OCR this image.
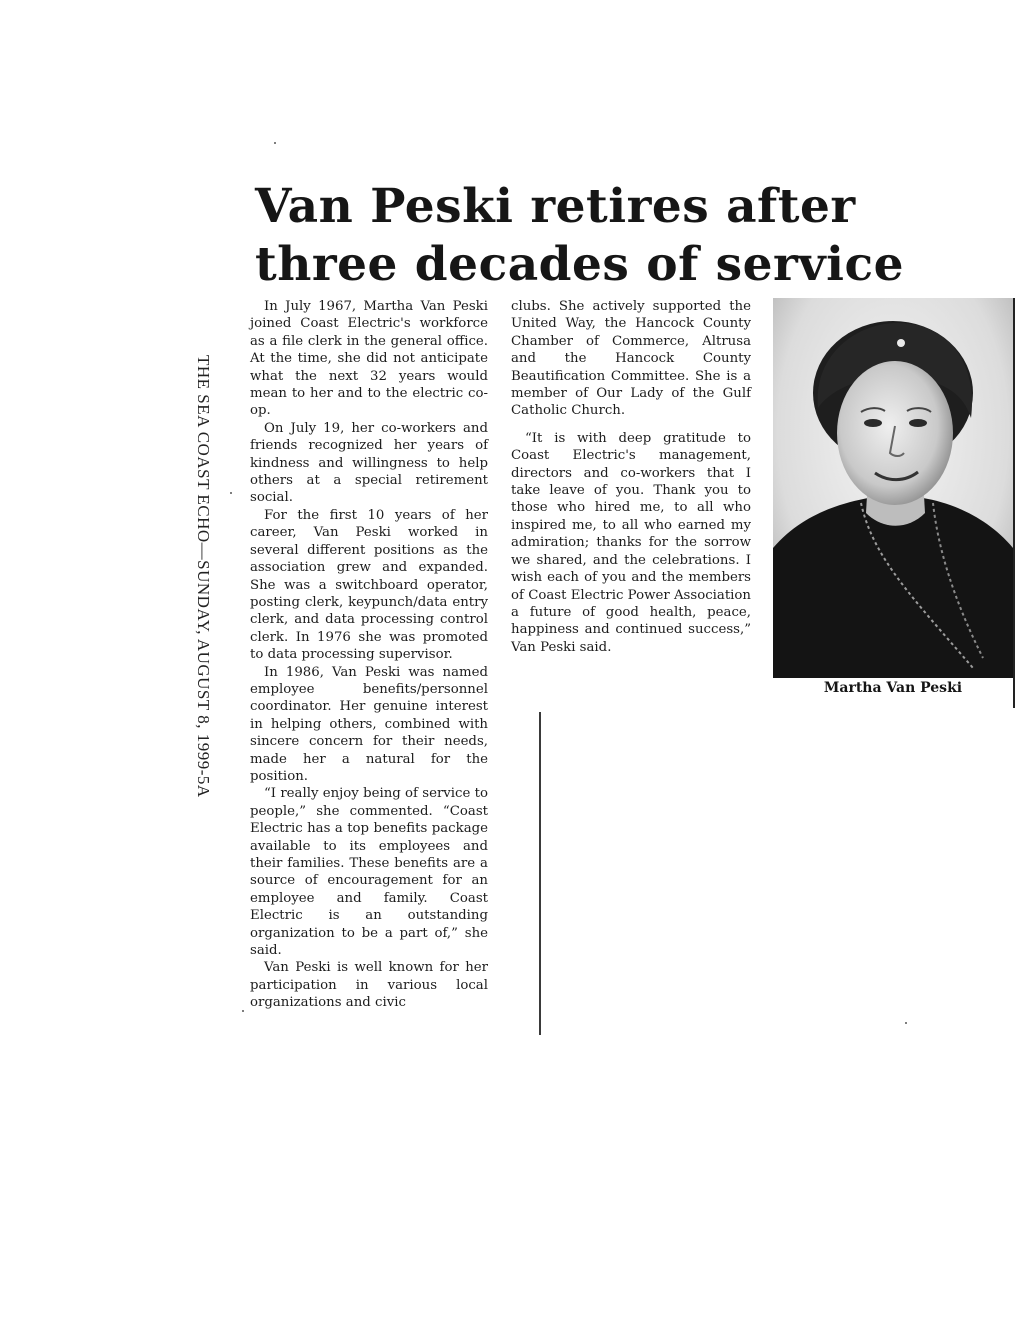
Van Peski retires after three decades of service
THE SEA COAST ECHO—SUNDAY, AUGUST 8, 1999-5A

In July 1967, Martha Van Peski joined Coast Electric's workforce as a file clerk in the general office. At the time, she did not anticipate what the next 32 years would mean to her and to the electric co-op.

On July 19, her co-workers and friends recognized her years of kindness and willingness to help others at a special retirement social.

For the first 10 years of her career, Van Peski worked in several different positions as the association grew and expanded. She was a switchboard operator, posting clerk, keypunch/data entry clerk, and data processing control clerk. In 1976 she was promoted to data processing supervisor.

In 1986, Van Peski was named employee benefits/personnel coordinator. Her genuine interest in helping others, combined with sincere concern for their needs, made her a natural for the position.

“I really enjoy being of service to people,” she commented. “Coast Electric has a top benefits package available to its employees and their families. These benefits are a source of encouragement for an employee and family. Coast Electric is an outstanding organization to be a part of,” she said.

Van Peski is well known for her participation in various local organizations and civic

clubs. She actively supported the United Way, the Hancock County Chamber of Commerce, Altrusa and the Hancock County Beautification Committee. She is a member of Our Lady of the Gulf Catholic Church.

“It is with deep gratitude to Coast Electric's management, directors and co-workers that I take leave of you. Thank you to those who hired me, to all who inspired me, to all who earned my admiration; thanks for the sorrow we shared, and the celebrations. I wish each of you and the members of Coast Electric Power Association a future of good health, peace, happiness and continued success,” Van Peski said.

Martha Van Peski
